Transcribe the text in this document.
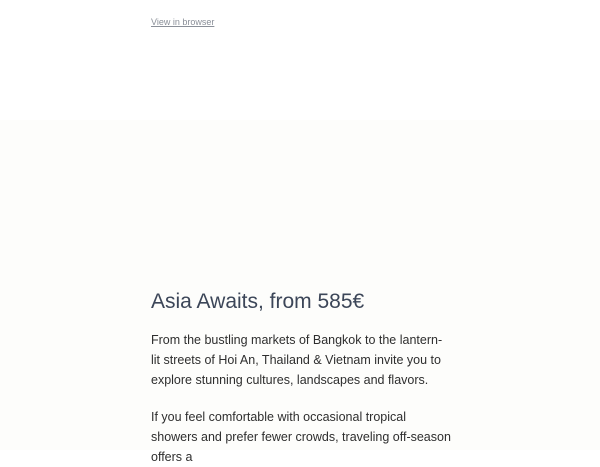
View in browser
Asia Awaits, from 585€

From the bustling markets of Bangkok to the lantern-lit streets of Hoi An, Thailand & Vietnam invite you to explore stunning cultures, landscapes and flavors.

If you feel comfortable with occasional tropical showers and prefer fewer crowds, traveling off-season offers a
